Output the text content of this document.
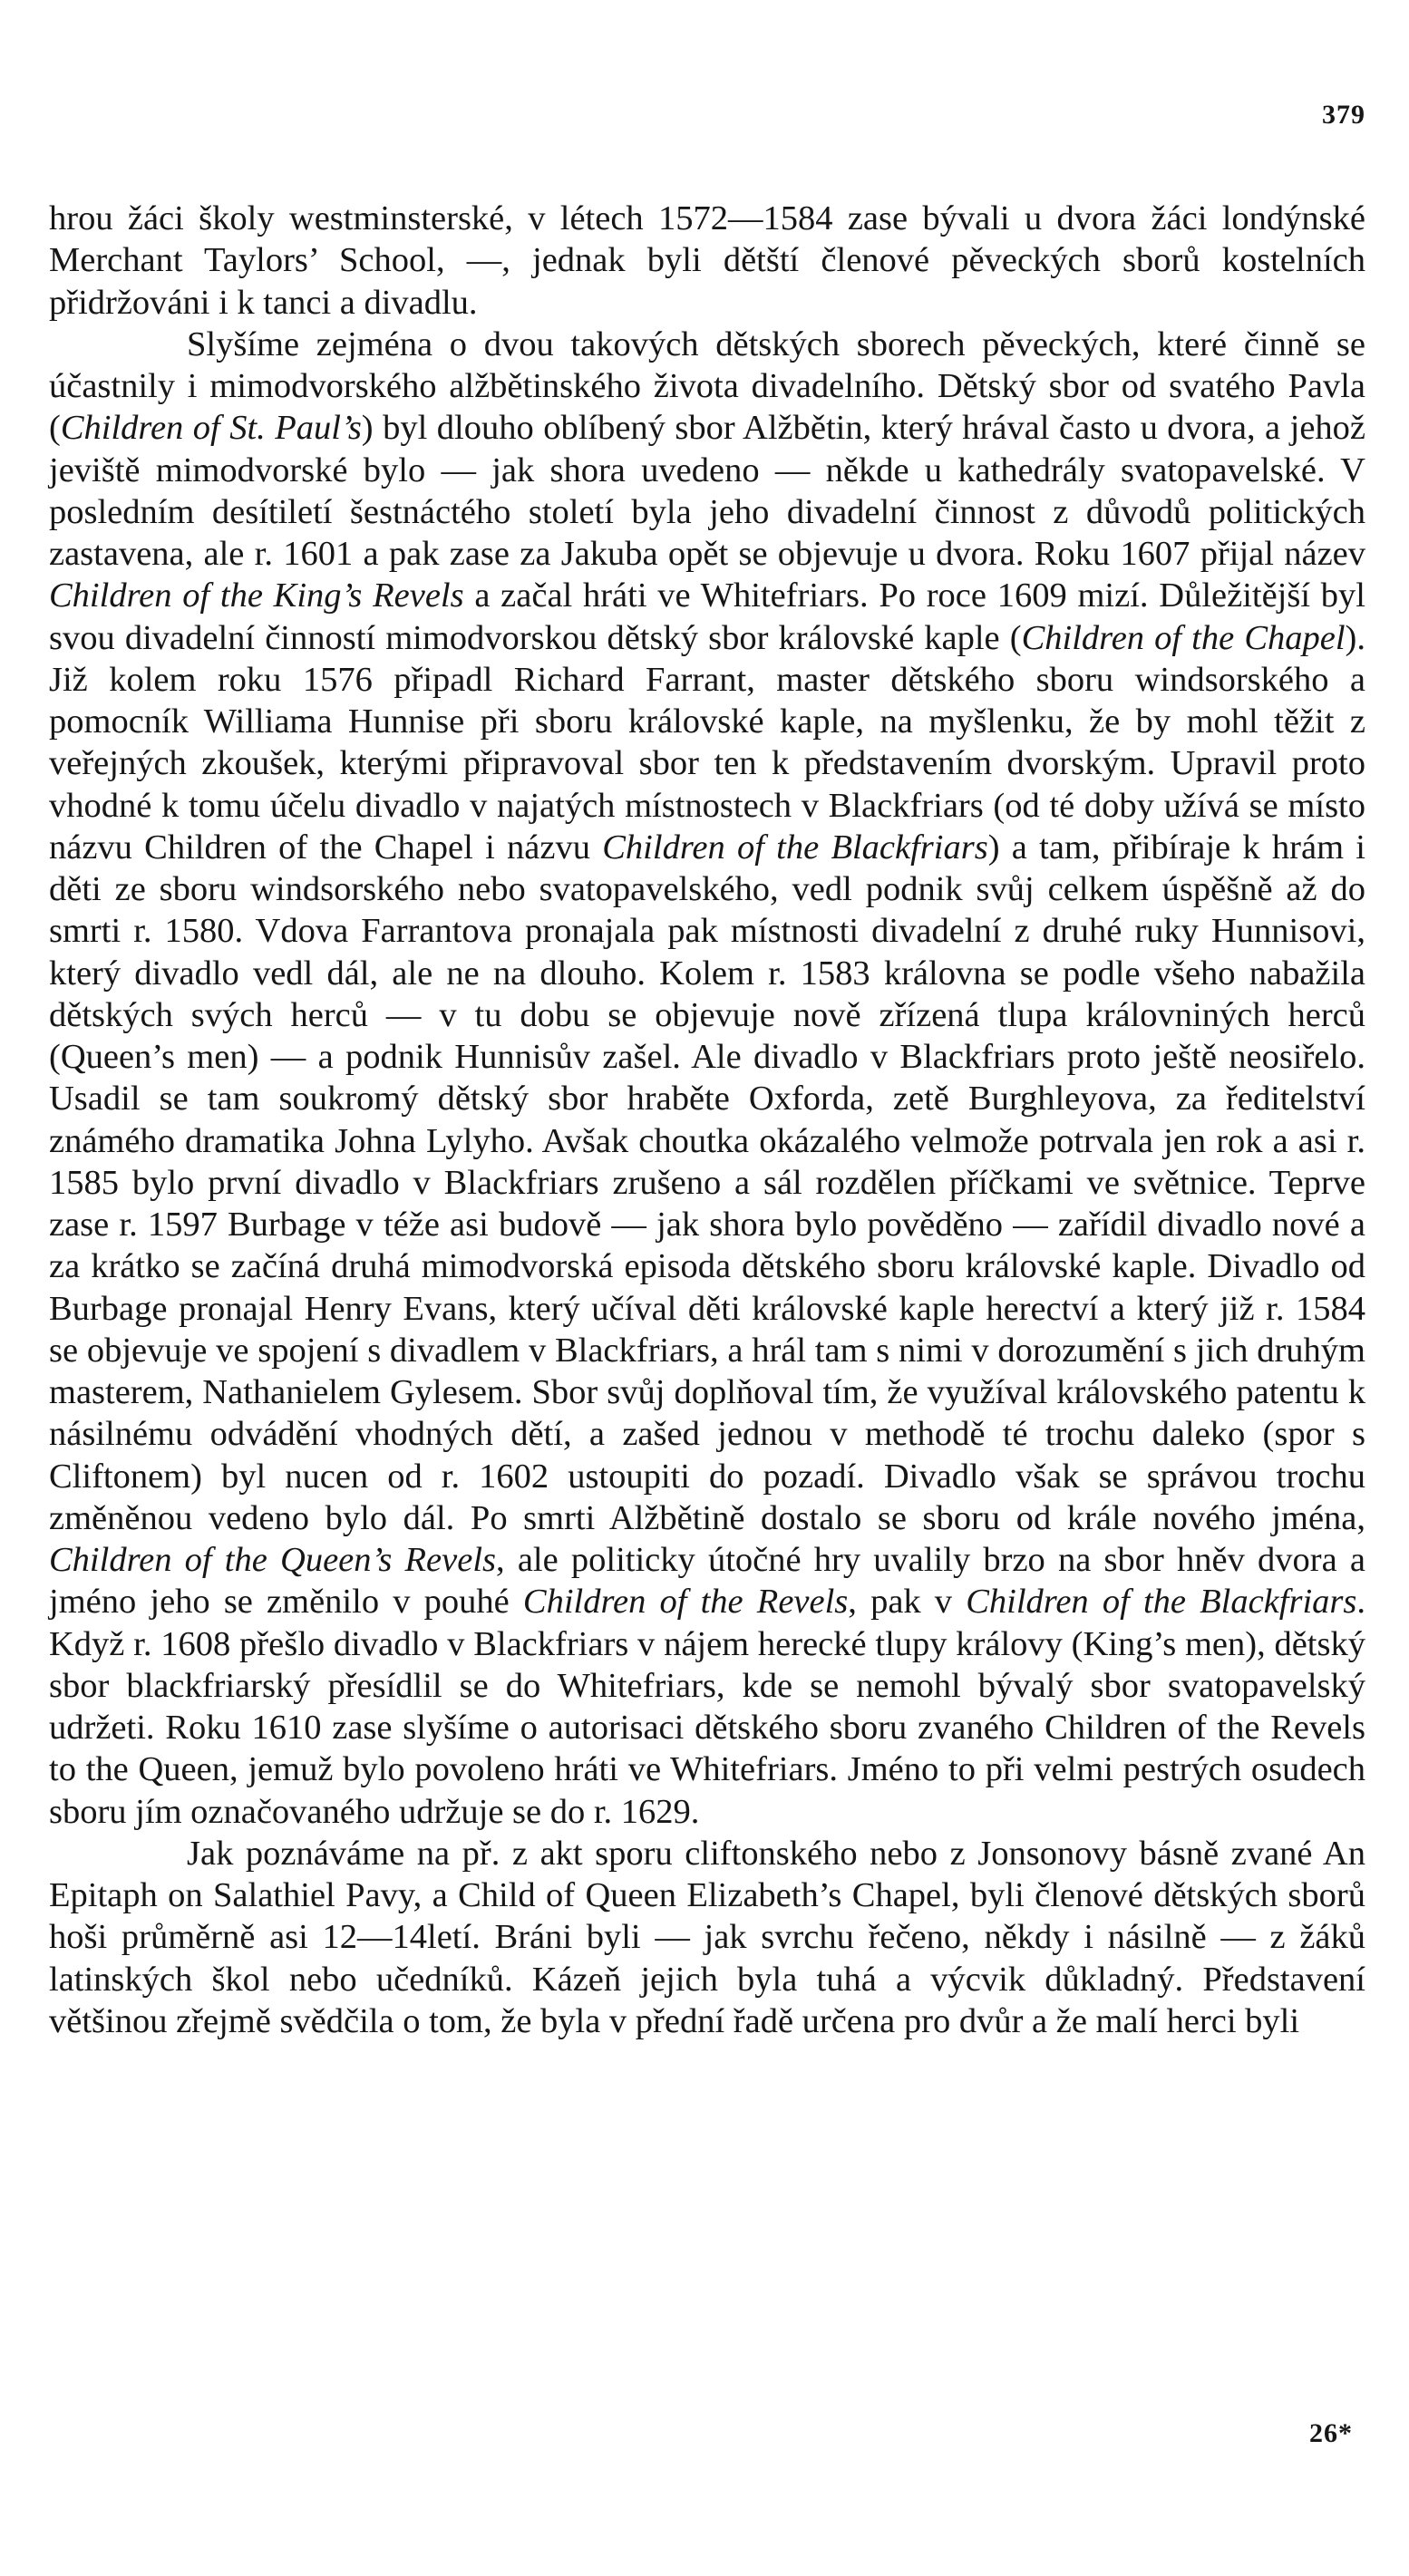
379

hrou žáci školy westminsterské, v létech 1572—1584 zase bývali u dvora žáci londýnské Merchant Taylors’ School, —, jednak byli dětští členové pěveckých sborů kostelních přidržováni i k tanci a divadlu.

Slyšíme zejména o dvou takových dětských sborech pěveckých, které činně se účastnily i mimodvorského alžbětinského života divadelního. Dětský sbor od svatého Pavla (Children of St. Paul’s) byl dlouho oblíbený sbor Alžbětin, který hrával často u dvora, a jehož jeviště mimodvorské bylo — jak shora uvedeno — někde u kathedrály svatopavelské. V posledním desítiletí šestnáctého století byla jeho divadelní činnost z důvodů politických zastavena, ale r. 1601 a pak zase za Jakuba opět se objevuje u dvora. Roku 1607 přijal název Children of the King’s Revels a začal hráti ve Whitefriars. Po roce 1609 mizí. Důležitější byl svou divadelní činností mimodvorskou dětský sbor královské kaple (Children of the Chapel). Již kolem roku 1576 připadl Richard Farrant, master dětského sboru windsorského a pomocník Williama Hunnise při sboru královské kaple, na myšlenku, že by mohl těžit z veřejných zkoušek, kterými připravoval sbor ten k představením dvorským. Upravil proto vhodné k tomu účelu divadlo v najatých místnostech v Blackfriars (od té doby užívá se místo názvu Children of the Chapel i názvu Children of the Blackfriars) a tam, přibíraje k hrám i děti ze sboru windsorského nebo svatopavelského, vedl podnik svůj celkem úspěšně až do smrti r. 1580. Vdova Farrantova pronajala pak místnosti divadelní z druhé ruky Hunnisovi, který divadlo vedl dál, ale ne na dlouho. Kolem r. 1583 královna se podle všeho nabažila dětských svých herců — v tu dobu se objevuje nově zřízená tlupa královniných herců (Queen’s men) — a podnik Hunnisův zašel. Ale divadlo v Blackfriars proto ještě neosiřelo. Usadil se tam soukromý dětský sbor hraběte Oxforda, zetě Burghleyova, za ředitelství známého dramatika Johna Lylyho. Avšak choutka okázalého velmože potrvala jen rok a asi r. 1585 bylo první divadlo v Blackfriars zrušeno a sál rozdělen příčkami ve světnice. Teprve zase r. 1597 Burbage v téže asi budově — jak shora bylo pověděno — zařídil divadlo nové a za krátko se začíná druhá mimodvorská episoda dětského sboru královské kaple. Divadlo od Burbage pronajal Henry Evans, který učíval děti královské kaple herectví a který již r. 1584 se objevuje ve spojení s divadlem v Blackfriars, a hrál tam s nimi v dorozumění s jich druhým masterem, Nathanielem Gylesem. Sbor svůj doplňoval tím, že využíval královského patentu k násilnému odvádění vhodných dětí, a zašed jednou v methodě té trochu daleko (spor s Cliftonem) byl nucen od r. 1602 ustoupiti do pozadí. Divadlo však se správou trochu změněnou vedeno bylo dál. Po smrti Alžbětině dostalo se sboru od krále nového jména, Children of the Queen’s Revels, ale politicky útočné hry uvalily brzo na sbor hněv dvora a jméno jeho se změnilo v pouhé Children of the Revels, pak v Children of the Blackfriars. Když r. 1608 přešlo divadlo v Blackfriars v nájem herecké tlupy královy (King’s men), dětský sbor blackfriarský přesídlil se do Whitefriars, kde se nemohl bývalý sbor svatopavelský udržeti. Roku 1610 zase slyšíme o autorisaci dětského sboru zvaného Children of the Revels to the Queen, jemuž bylo povoleno hráti ve Whitefriars. Jméno to při velmi pestrých osudech sboru jím označovaného udržuje se do r. 1629.

Jak poznáváme na př. z akt sporu cliftonského nebo z Jonsonovy básně zvané An Epitaph on Salathiel Pavy, a Child of Queen Elizabeth’s Chapel, byli členové dětských sborů hoši průměrně asi 12—14letí. Bráni byli — jak svrchu řečeno, někdy i násilně — z žáků latinských škol nebo učedníků. Kázeň jejich byla tuhá a výcvik důkladný. Představení většinou zřejmě svědčila o tom, že byla v přední řadě určena pro dvůr a že malí herci byli

26*
